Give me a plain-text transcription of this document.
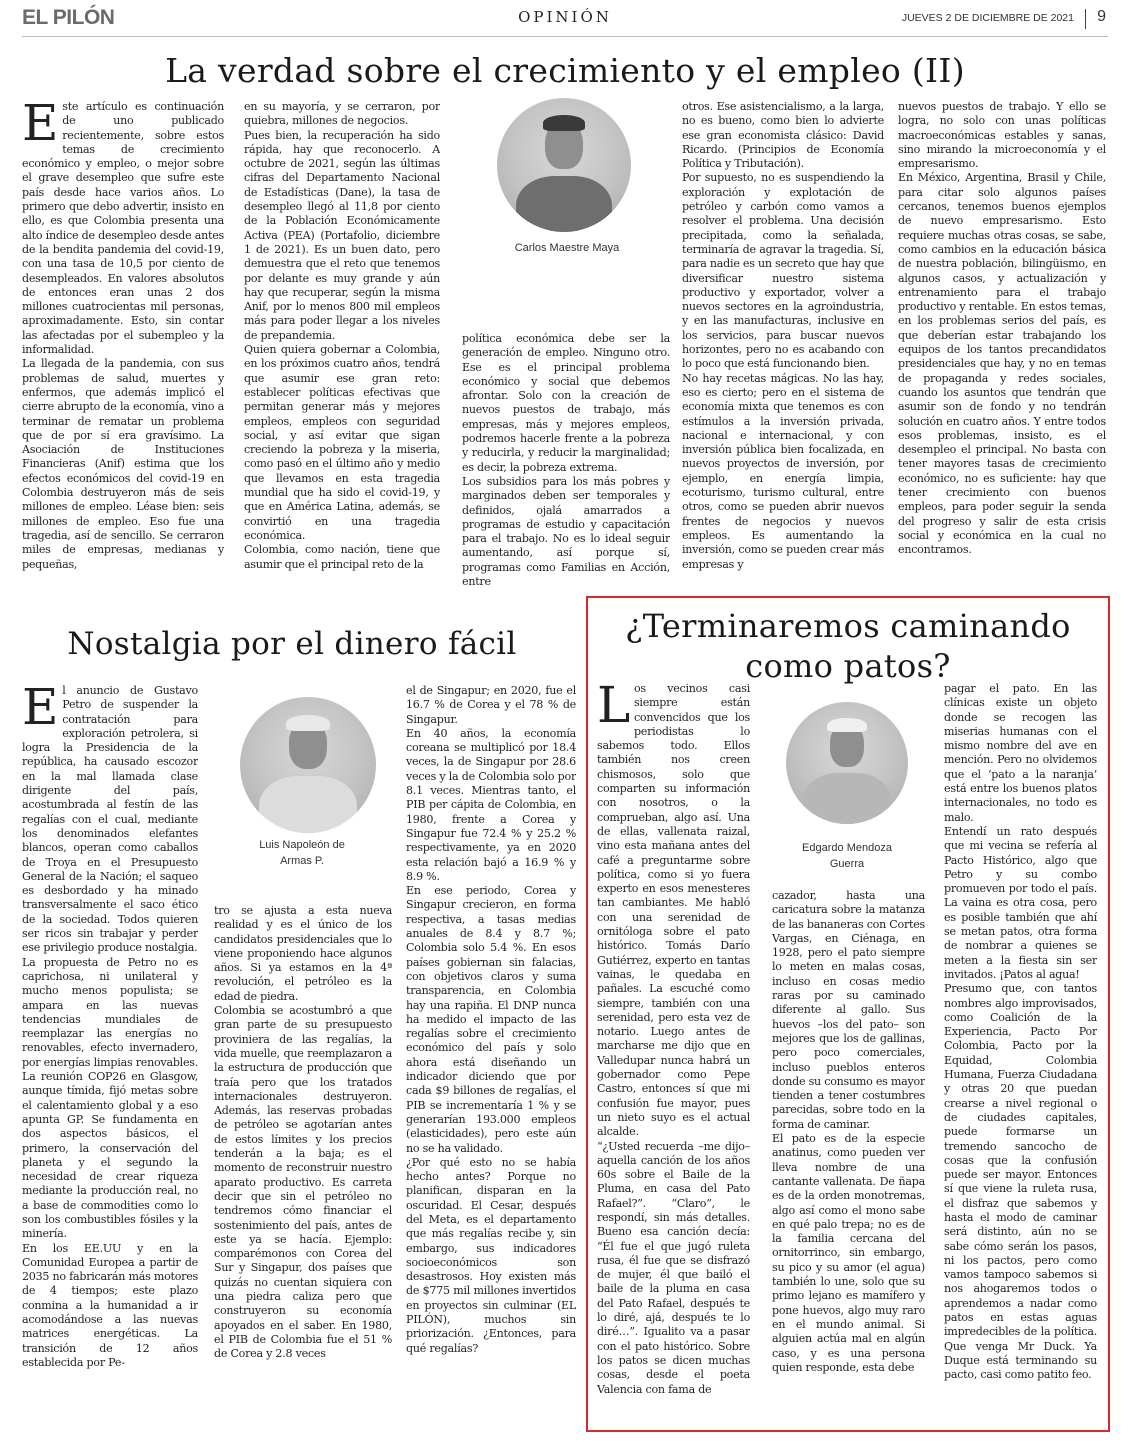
EL PILÓN	OPINIÓN	JUEVES 2 DE DICIEMBRE DE 2021 9
La verdad sobre el crecimiento y el empleo (II)
E ste artículo es continuación de uno publicado recientemente, sobre estos temas de crecimiento económico y empleo, o mejor sobre el grave desempleo que sufre este país desde hace varios años. Lo primero que debo advertir, insisto en ello, es que Colombia presenta una alto índice de desempleo desde antes de la bendita pandemia del covid-19, con una tasa de 10,5 por ciento de desempleados. En valores absolutos de entonces eran unas 2 dos millones cuatrocientas mil personas, aproximadamente. Esto, sin contar las afectadas por el subempleo y la informalidad.
La llegada de la pandemia, con sus problemas de salud, muertes y enfermos, que además implicó el cierre abrupto de la economía, vino a terminar de rematar un problema que de por sí era gravísimo. La Asociación de Instituciones Financieras (Anif) estima que los efectos económicos del covid-19 en Colombia destruyeron más de seis millones de empleo. Léase bien: seis millones de empleo. Eso fue una tragedia, así de sencillo. Se cerraron miles de empresas, medianas y pequeñas,

en su mayoría, y se cerraron, por quiebra, millones de negocios.
Pues bien, la recuperación ha sido rápida, hay que reconocerlo. A octubre de 2021, según las últimas cifras del Departamento Nacional de Estadísticas (Dane), la tasa de desempleo llegó al 11,8 por ciento de la Población Económicamente Activa (PEA) (Portafolio, diciembre 1 de 2021). Es un buen dato, pero demuestra que el reto que tenemos por delante es muy grande y aún hay que recuperar, según la misma Anif, por lo menos 800 mil empleos más para poder llegar a los niveles de prepandemia.
Quien quiera gobernar a Colombia, en los próximos cuatro años, tendrá que asumir ese gran reto: establecer políticas efectivas que permitan generar más y mejores empleos, empleos con seguridad social, y así evitar que sigan creciendo la pobreza y la miseria, como pasó en el último año y medio que llevamos en esta tragedia mundial que ha sido el covid-19, y que en América Latina, además, se convirtió en una tragedia económica.
Colombia, como nación, tiene que asumir que el principal reto de la

Carlos Maestre Maya

política económica debe ser la generación de empleo. Ninguno otro. Ese es el principal problema económico y social que debemos afrontar. Solo con la creación de nuevos puestos de trabajo, más empresas, más y mejores empleos, podremos hacerle frente a la pobreza y reducirla, y reducir la marginalidad; es decir, la pobreza extrema.
Los subsidios para los más pobres y marginados deben ser temporales y definidos, ojalá amarrados a programas de estudio y capacitación para el trabajo. No es lo ideal seguir aumentando, así porque sí, programas como Familias en Acción, entre

otros. Ese asistencialismo, a la larga, no es bueno, como bien lo advierte ese gran economista clásico: David Ricardo. (Principios de Economía Política y Tributación).
Por supuesto, no es suspendiendo la exploración y explotación de petróleo y carbón como vamos a resolver el problema. Una decisión precipitada, como la señalada, terminaría de agravar la tragedia. Sí, para nadie es un secreto que hay que diversificar nuestro sistema productivo y exportador, volver a nuevos sectores en la agroindustria, y en las manufacturas, inclusive en los servicios, para buscar nuevos horizontes, pero no es acabando con lo poco que está funcionando bien.
No hay recetas mágicas. No las hay, eso es cierto; pero en el sistema de economía mixta que tenemos es con estímulos a la inversión privada, nacional e internacional, y con inversión pública bien focalizada, en nuevos proyectos de inversión, por ejemplo, en energía limpia, ecoturismo, turismo cultural, entre otros, como se pueden abrir nuevos frentes de negocios y nuevos empleos. Es aumentando la inversión, como se pueden crear más empresas y

nuevos puestos de trabajo. Y ello se logra, no solo con unas políticas macroeconómicas estables y sanas, sino mirando la microeconomía y el empresarismo.
En México, Argentina, Brasil y Chile, para citar solo algunos países cercanos, tenemos buenos ejemplos de nuevo empresarismo. Esto requiere muchas otras cosas, se sabe, como cambios en la educación básica de nuestra población, bilingüismo, en algunos casos, y actualización y entrenamiento para el trabajo productivo y rentable. En estos temas, en los problemas serios del país, es que deberían estar trabajando los equipos de los tantos precandidatos presidenciales que hay, y no en temas de propaganda y redes sociales, cuando los asuntos que tendrán que asumir son de fondo y no tendrán solución en cuatro años. Y entre todos esos problemas, insisto, es el desempleo el principal. No basta con tener mayores tasas de crecimiento económico, no es suficiente: hay que tener crecimiento con buenos empleos, para poder seguir la senda del progreso y salir de esta crisis social y económica en la cual no encontramos.

Nostalgia por el dinero fácil
E l anuncio de Gustavo Petro de suspender la contratación para exploración petrolera, si logra la Presidencia de la república, ha causado escozor en la mal llamada clase dirigente del país, acostumbrada al festín de las regalías con el cual, mediante los denominados elefantes blancos, operan como caballos de Troya en el Presupuesto General de la Nación; el saqueo es desbordado y ha minado transversalmente el saco ético de la sociedad. Todos quieren ser ricos sin trabajar y perder ese privilegio produce nostalgia.
La propuesta de Petro no es caprichosa, ni unilateral y mucho menos populista; se ampara en las nuevas tendencias mundiales de reemplazar las energías no renovables, efecto invernadero, por energías limpias renovables. La reunión COP26 en Glasgow, aunque tímida, fijó metas sobre el calentamiento global y a eso apunta GP. Se fundamenta en dos aspectos básicos, el primero, la conservación del planeta y el segundo la necesidad de crear riqueza mediante la producción real, no a base de commodities como lo son los combustibles fósiles y la minería.
En los EE.UU y en la Comunidad Europea a partir de 2035 no fabricarán más motores de 4 tiempos; este plazo conmina a la humanidad a ir acomodándose a las nuevas matrices energéticas. La transición de 12 años establecida por Pe-

Luis Napoleón de
Armas P.

tro se ajusta a esta nueva realidad y es el único de los candidatos presidenciales que lo viene proponiendo hace algunos años. Si ya estamos en la 4ª revolución, el petróleo es la edad de piedra.
Colombia se acostumbró a que gran parte de su presupuesto proviniera de las regalías, la vida muelle, que reemplazaron a la estructura de producción que traía pero que los tratados internacionales destruyeron. Además, las reservas probadas de petróleo se agotarían antes de estos límites y los precios tenderán a la baja; es el momento de reconstruir nuestro aparato productivo. Es carreta decir que sin el petróleo no tendremos cómo financiar el sostenimiento del país, antes de este ya se hacía. Ejemplo: comparémonos con Corea del Sur y Singapur, dos países que quizás no cuentan siquiera con una piedra caliza pero que construyeron su economía apoyados en el saber. En 1980, el PIB de Colombia fue el 51 % de Corea y 2.8 veces

el de Singapur; en 2020, fue el 16.7 % de Corea y el 78 % de Singapur.
En 40 años, la economía coreana se multiplicó por 18.4 veces, la de Singapur por 28.6 veces y la de Colombia solo por 8.1 veces. Mientras tanto, el PIB per cápita de Colombia, en 1980, frente a Corea y Singapur fue 72.4 % y 25.2 % respectivamente, ya en 2020 esta relación bajó a 16.9 % y 8.9 %.
En ese periodo, Corea y Singapur crecieron, en forma respectiva, a tasas medias anuales de 8.4 y 8.7 %; Colombia solo 5.4 %. En esos países gobiernan sin falacias, con objetivos claros y suma transparencia, en Colombia hay una rapiña. El DNP nunca ha medido el impacto de las regalías sobre el crecimiento económico del país y solo ahora está diseñando un indicador diciendo que por cada $9 billones de regalías, el PIB se incrementaría 1 % y se generarían 193.000 empleos (elasticidades), pero este aún no se ha validado.
¿Por qué esto no se había hecho antes? Porque no planifican, disparan en la oscuridad. El Cesar, después del Meta, es el departamento que más regalías recibe y, sin embargo, sus indicadores socioeconómicos son desastrosos. Hoy existen más de $775 mil millones invertidos en proyectos sin culminar (EL PILÓN), muchos sin priorización. ¿Entonces, para qué regalías?

¿Terminaremos caminando
como patos?
L os vecinos casi siempre están convencidos que los periodistas lo sabemos todo. Ellos también nos creen chismosos, solo que comparten su información con nosotros, o la comprueban, algo así. Una de ellas, vallenata raizal, vino esta mañana antes del café a preguntarme sobre política, como si yo fuera experto en esos menesteres tan cambiantes. Me habló con una serenidad de ornitóloga sobre el pato histórico. Tomás Darío Gutiérrez, experto en tantas vainas, le quedaba en pañales. La escuché como siempre, también con una serenidad, pero esta vez de notario. Luego antes de marcharse me dijo que en Valledupar nunca habrá un gobernador como Pepe Castro, entonces sí que mi confusión fue mayor, pues un nieto suyo es el actual alcalde.
“¿Usted recuerda –me dijo– aquella canción de los años 60s sobre el Baile de la Pluma, en casa del Pato Rafael?”. “Claro”, le respondí, sin más detalles. Bueno esa canción decía: “Él fue el que jugó ruleta rusa, él fue que se disfrazó de mujer, él que bailó el baile de la pluma en casa del Pato Rafael, después te lo diré, ajá, después te lo diré…”. Igualito va a pasar con el pato histórico. Sobre los patos se dicen muchas cosas, desde el poeta Valencia con fama de

Edgardo Mendoza
Guerra

cazador, hasta una caricatura sobre la matanza de las bananeras con Cortes Vargas, en Ciénaga, en 1928, pero el pato siempre lo meten en malas cosas, incluso en cosas medio raras por su caminado diferente al gallo. Sus huevos –los del pato– son mejores que los de gallinas, pero poco comerciales, incluso pueblos enteros donde su consumo es mayor tienden a tener costumbres parecidas, sobre todo en la forma de caminar.
El pato es de la especie anatinus, como pueden ver lleva nombre de una cantante vallenata. De ñapa es de la orden monotremas, algo así como el mono sabe en qué palo trepa; no es de la familia cercana del ornitorrinco, sin embargo, su pico y su amor (el agua) también lo une, solo que su primo lejano es mamífero y pone huevos, algo muy raro en el mundo animal. Si alguien actúa mal en algún caso, y es una persona quien responde, esta debe

pagar el pato. En las clínicas existe un objeto donde se recogen las miserias humanas con el mismo nombre del ave en mención. Pero no olvidemos que el ‘pato a la naranja’ está entre los buenos platos internacionales, no todo es malo.
Entendí un rato después que mi vecina se refería al Pacto Histórico, algo que Petro y su combo promueven por todo el país. La vaina es otra cosa, pero es posible también que ahí se metan patos, otra forma de nombrar a quienes se meten a la fiesta sin ser invitados. ¡Patos al agua!
Presumo que, con tantos nombres algo improvisados, como Coalición de la Experiencia, Pacto Por Colombia, Pacto por la Equidad, Colombia Humana, Fuerza Ciudadana y otras 20 que puedan crearse a nivel regional o de ciudades capitales, puede formarse un tremendo sancocho de cosas que la confusión puede ser mayor. Entonces sí que viene la ruleta rusa, el disfraz que sabemos y hasta el modo de caminar será distinto, aún no se sabe cómo serán los pasos, ni los pactos, pero como vamos tampoco sabemos si nos ahogaremos todos o aprendemos a nadar como patos en estas aguas impredecibles de la política. Que venga Mr Duck. Ya Duque está terminando su pacto, casi como patito feo.
